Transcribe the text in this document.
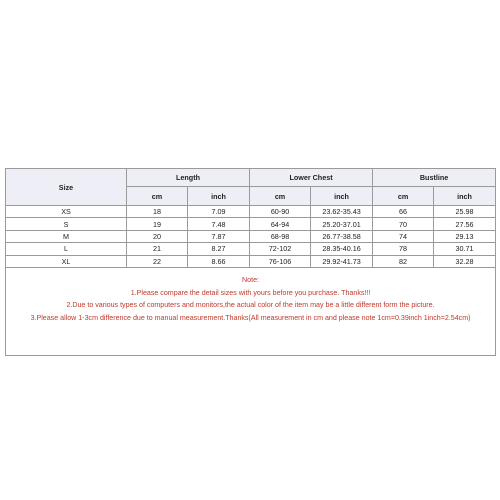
Size	Length		Lower Chest		Bustline	
	cm	inch	cm	inch	cm	inch
XS	18	7.09	60-90	23.62-35.43	66	25.98
S	19	7.48	64-94	25.20-37.01	70	27.56
M	20	7.87	68-98	26.77-38.58	74	29.13
L	21	8.27	72-102	28.35-40.16	78	30.71
XL	22	8.66	76-106	29.92-41.73	82	32.28

Note:
1.Please compare the detail sizes with yours before you purchase. Thanks!!!
2.Due to various types of computers and monitors,the actual color of the item may be a little different form the picture.
3.Please allow 1-3cm difference due to manual measurement.Thanks(All measurement in cm and please note 1cm=0.39inch 1inch=2.54cm)						
